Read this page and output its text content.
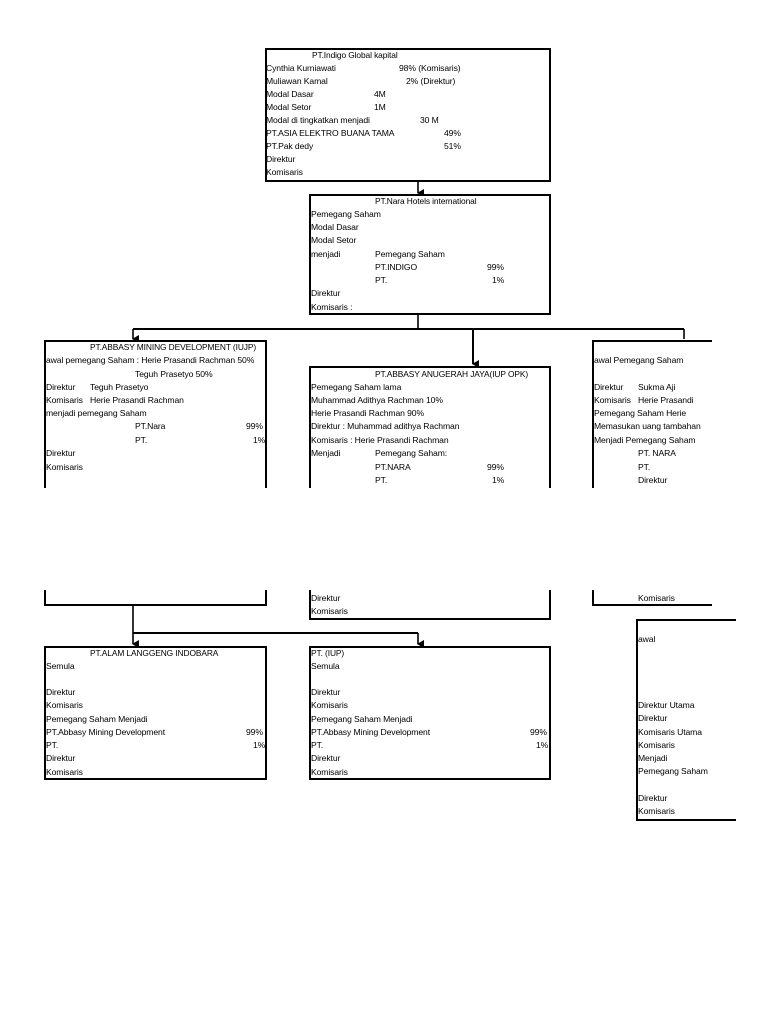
PT.Indigo Global kapital
Cynthia Kurniawati	98% (Komisaris)
Muliawan Kamal	2% (Direktur)
Modal Dasar	4M
Modal Setor	1M
Modal di tingkatkan menjadi	30 M
PT.ASIA ELEKTRO BUANA TAMA	49%
PT.Pak dedy	51%
Direktur
Komisaris
PT.Nara Hotels international
Pemegang Saham
Modal Dasar
Modal Setor
menjadi	Pemegang Saham
PT.INDIGO	99%
PT.	1%
Direktur
Komisaris :
PT.ABBASY MINING DEVELOPMENT (IUJP)
awal pemegang Saham : Herie Prasandi Rachman 50%
Teguh Prasetyo 50%
Direktur Teguh Prasetyo
Komisaris Herie Prasandi Rachman
menjadi pemegang Saham
PT.Nara	99%
PT.	1%
Direktur
Komisaris
PT.ABBASY ANUGERAH JAYA(IUP OPK)
Pemegang Saham lama
Muhammad Adithya Rachman 10%
Herie Prasandi Rachman 90%
Direktur : Muhammad adithya Rachman
Komisaris : Herie Prasandi Rachman
Menjadi	Pemegang Saham:
PT.NARA	99%
PT.	1%
Direktur
Komisaris
awal Pemegang Saham
Direktur Sukma Aji
Komisaris Herie Prasandi
Pemegang Saham Herie
Memasukan uang tambahan
Menjadi Pemegang Saham
PT. NARA
PT.
Direktur
Komisaris
PT.ALAM LANGGENG INDOBARA
Semula
Direktur
Komisaris
Pemegang Saham Menjadi
PT.Abbasy Mining Development	99%
PT.	1%
Direktur
Komisaris
PT. (IUP)
Semula
Direktur
Komisaris
Pemegang Saham Menjadi
PT.Abbasy Mining Development	99%
PT.	1%
Direktur
Komisaris
awal
Direktur Utama
Direktur
Komisaris Utama
Komisaris
Menjadi
Pemegang Saham
Direktur
Komisaris
